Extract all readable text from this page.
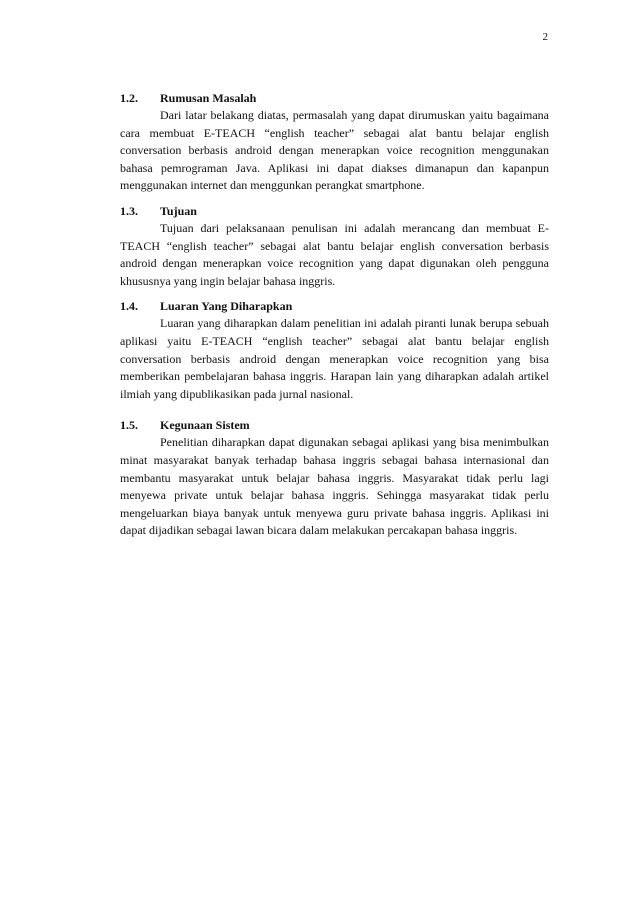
2
1.2. Rumusan Masalah

Dari latar belakang diatas, permasalah yang dapat dirumuskan yaitu bagaimana cara membuat E-TEACH “english teacher” sebagai alat bantu belajar english conversation berbasis android dengan menerapkan voice recognition menggunakan bahasa pemrograman Java. Aplikasi ini dapat diakses dimanapun dan kapanpun menggunakan internet dan menggunkan perangkat smartphone.

1.3. Tujuan

Tujuan dari pelaksanaan penulisan ini adalah merancang dan membuat E-TEACH “english teacher” sebagai alat bantu belajar english conversation berbasis android dengan menerapkan voice recognition yang dapat digunakan oleh pengguna khususnya yang ingin belajar bahasa inggris.

1.4. Luaran Yang Diharapkan

Luaran yang diharapkan dalam penelitian ini adalah piranti lunak berupa sebuah aplikasi yaitu E-TEACH “english teacher” sebagai alat bantu belajar english conversation berbasis android dengan menerapkan voice recognition yang bisa memberikan pembelajaran bahasa inggris. Harapan lain yang diharapkan adalah artikel ilmiah yang dipublikasikan pada jurnal nasional.

1.5. Kegunaan Sistem

Penelitian diharapkan dapat digunakan sebagai aplikasi yang bisa menimbulkan minat masyarakat banyak terhadap bahasa inggris sebagai bahasa internasional dan membantu masyarakat untuk belajar bahasa inggris. Masyarakat tidak perlu lagi menyewa private untuk belajar bahasa inggris. Sehingga masyarakat tidak perlu mengeluarkan biaya banyak untuk menyewa guru private bahasa inggris. Aplikasi ini dapat dijadikan sebagai lawan bicara dalam melakukan percakapan bahasa inggris.
